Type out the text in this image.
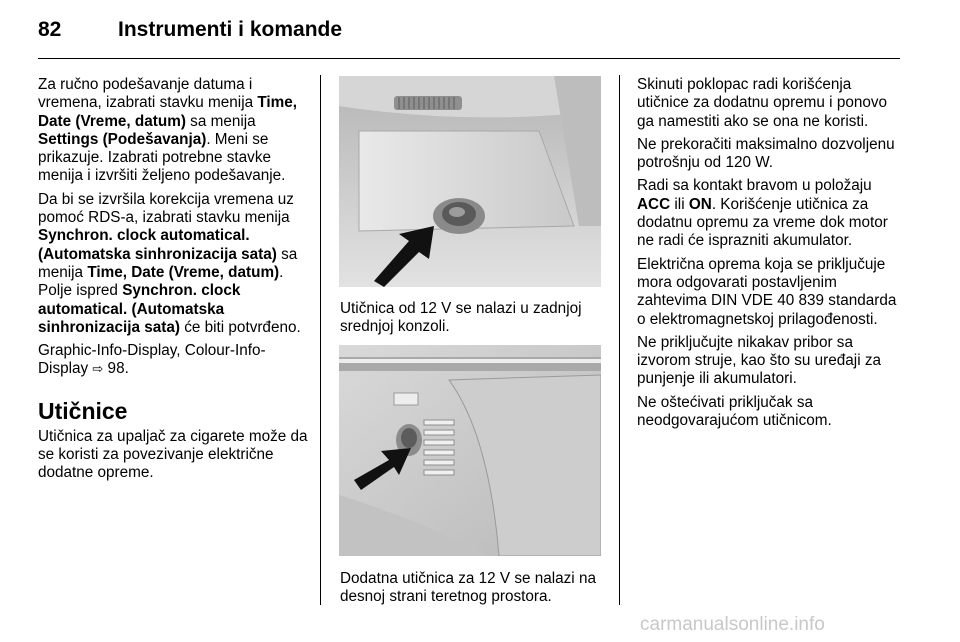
82	Instrumenti i komande

Za ručno podešavanje datuma i vremena, izabrati stavku menija Time, Date (Vreme, datum) sa menija Settings (Podešavanja). Meni se prikazuje. Izabrati potrebne stavke menija i izvršiti željeno podešavanje.

Da bi se izvršila korekcija vremena uz pomoć RDS-a, izabrati stavku menija Synchron. clock automatical. (Automatska sinhronizacija sata) sa menija Time, Date (Vreme, datum). Polje ispred Synchron. clock automatical. (Automatska sinhronizacija sata) će biti potvrđeno.

Graphic-Info-Display, Colour-Info-Display ⇨ 98.

Utičnice

Utičnica za upaljač za cigarete može da se koristi za povezivanje električne dodatne opreme.

Utičnica od 12 V se nalazi u zadnjoj srednjoj konzoli.

Dodatna utičnica za 12 V se nalazi na desnoj strani teretnog prostora.

Skinuti poklopac radi korišćenja utičnice za dodatnu opremu i ponovo ga namestiti ako se ona ne koristi.

Ne prekoračiti maksimalno dozvoljenu potrošnju od 120 W.

Radi sa kontakt bravom u položaju ACC ili ON. Korišćenje utičnica za dodatnu opremu za vreme dok motor ne radi će isprazniti akumulator.

Električna oprema koja se priključuje mora odgovarati postavljenim zahtevima DIN VDE 40 839 standarda o elektromagnetskoj prilagođenosti.

Ne priključujte nikakav pribor sa izvorom struje, kao što su uređaji za punjenje ili akumulatori.

Ne oštećivati priključak sa neodgovarajućom utičnicom.

carmanualsonline.info
